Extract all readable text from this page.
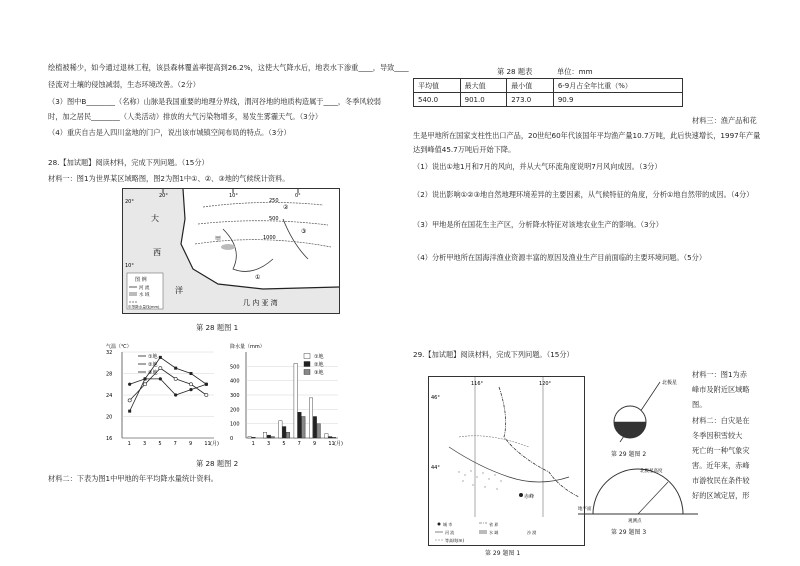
绘植被稀少，如今通过退林工程，该县森林覆盖率提高到26.2%，这使大气降水后，地表水下渗重____，导致____
径流对土壤的侵蚀减弱，生态环境改善。（2分）
（3）图中B________（名称）山脉是我国重要的地理分界线，渭河谷地的地质构造属于____，冬季风较弱
时，加之居民________（人类活动）排放的大气污染物增多，易发生雾霾天气。（3分）
（4）重庆自古是入四川盆地的门户，说出该市城镇空间布局的特点。（3分）
28.【加试题】阅读材料，完成下列问题。（15分）
材料一：图1为世界某区域略图，图2为图1中①、②、③地的气候统计资料。
20°	10°	0°
20°
10°
大
西
洋
几 内 亚 湾
250
500
1000
甲
①
②
③
图 例
河 流
水 域
年等降水量线(mm)
第 28 题图 1
气温（℃）
16
20
24
28
32
1 3 5 7 9 11 (月)
①地
②地
③地
降水量（mm）
0
100
200
300
400
500
1 3 5 7 9 11 (月)
①地
②地
③地
第 28 题图 2
材料二：下表为图1中甲地的年平均降水量统计资料。
第 28 题表	单位：mm
平均值	最大值	最小值	6-9月占全年比重（%）
540.0	901.0	273.0	90.9
材料三：渔产品和花
生是甲地所在国家支柱性出口产品，20世纪60年代该国年平均渔产量10.7万吨，此后快速增长，1997年产量
达到峰值45.7万吨后开始下降。
（1）说出①地1月和7月的风向，并从大气环流角度说明7月风向成因。（3分）
（2）说出影响①②③地自然地理环境差异的主要因素，从气候特征的角度，分析①地自然带的成因。（4分）
（3）甲地是所在国花生主产区，分析降水特征对该地农业生产的影响。（3分）
（4）分析甲地所在国海洋渔业资源丰富的原因及渔业生产目前面临的主要环境问题。（5分）
29.【加试题】阅读材料，完成下列问题。（15分）
116°	120°
46°
44°
赤峰
城 市	省 界
河 流	水 域	沙 漠
等高线(m)
第 29 题图 1
北极星
第 29 题图 2
北极星高度
地平面
观测点
第 29 题图 3
材料一：图1为赤
峰市及附近区域略
图。
材料二：白灾是在
冬季因积雪较大
死亡的一种气象灾
害。近年来，赤峰
市游牧民在条件较
好的区域定居，形
